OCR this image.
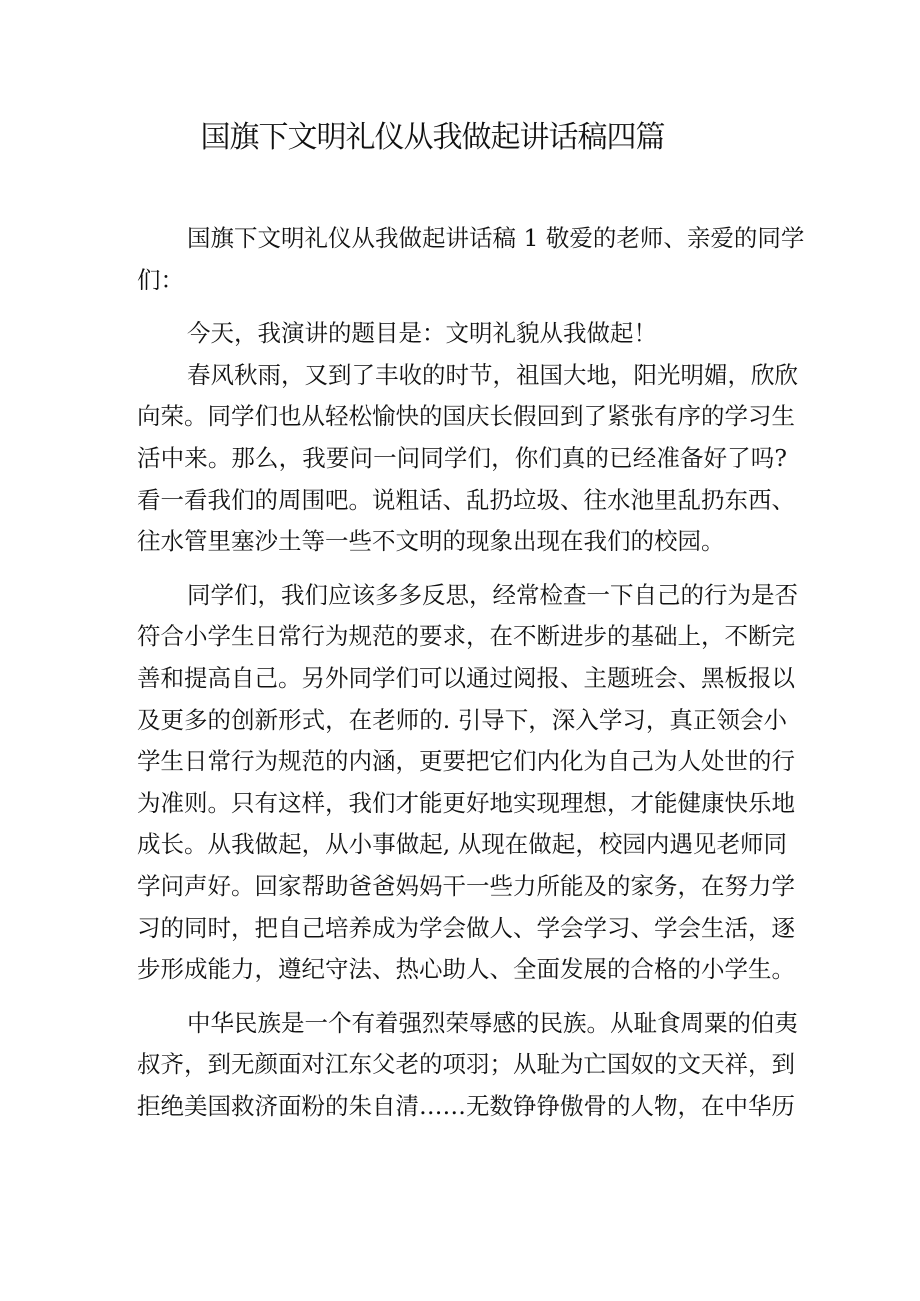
国旗下文明礼仪从我做起讲话稿四篇
国旗下文明礼仪从我做起讲话稿 1 敬爱的老师、亲爱的同学
们：
今天，我演讲的题目是：文明礼貌从我做起！
春风秋雨，又到了丰收的时节，祖国大地，阳光明媚，欣欣
向荣。同学们也从轻松愉快的国庆长假回到了紧张有序的学习生
活中来。那么，我要问一问同学们，你们真的已经准备好了吗?
看一看我们的周围吧。说粗话、乱扔垃圾、往水池里乱扔东西、
往水管里塞沙土等一些不文明的现象出现在我们的校园。
同学们，我们应该多多反思，经常检查一下自己的行为是否
符合小学生日常行为规范的要求，在不断进步的基础上，不断完
善和提高自己。另外同学们可以通过阅报、主题班会、黑板报以
及更多的创新形式，在老师的. 引导下，深入学习，真正领会小
学生日常行为规范的内涵，更要把它们内化为自己为人处世的行
为准则。只有这样，我们才能更好地实现理想，才能健康快乐地
成长。从我做起，从小事做起, 从现在做起，校园内遇见老师同
学问声好。回家帮助爸爸妈妈干一些力所能及的家务，在努力学
习的同时，把自己培养成为学会做人、学会学习、学会生活，逐
步形成能力，遵纪守法、热心助人、全面发展的合格的小学生。
中华民族是一个有着强烈荣辱感的民族。从耻食周粟的伯夷
叔齐，到无颜面对江东父老的项羽；从耻为亡国奴的文天祥，到
拒绝美国救济面粉的朱自清……无数铮铮傲骨的人物，在中华历
